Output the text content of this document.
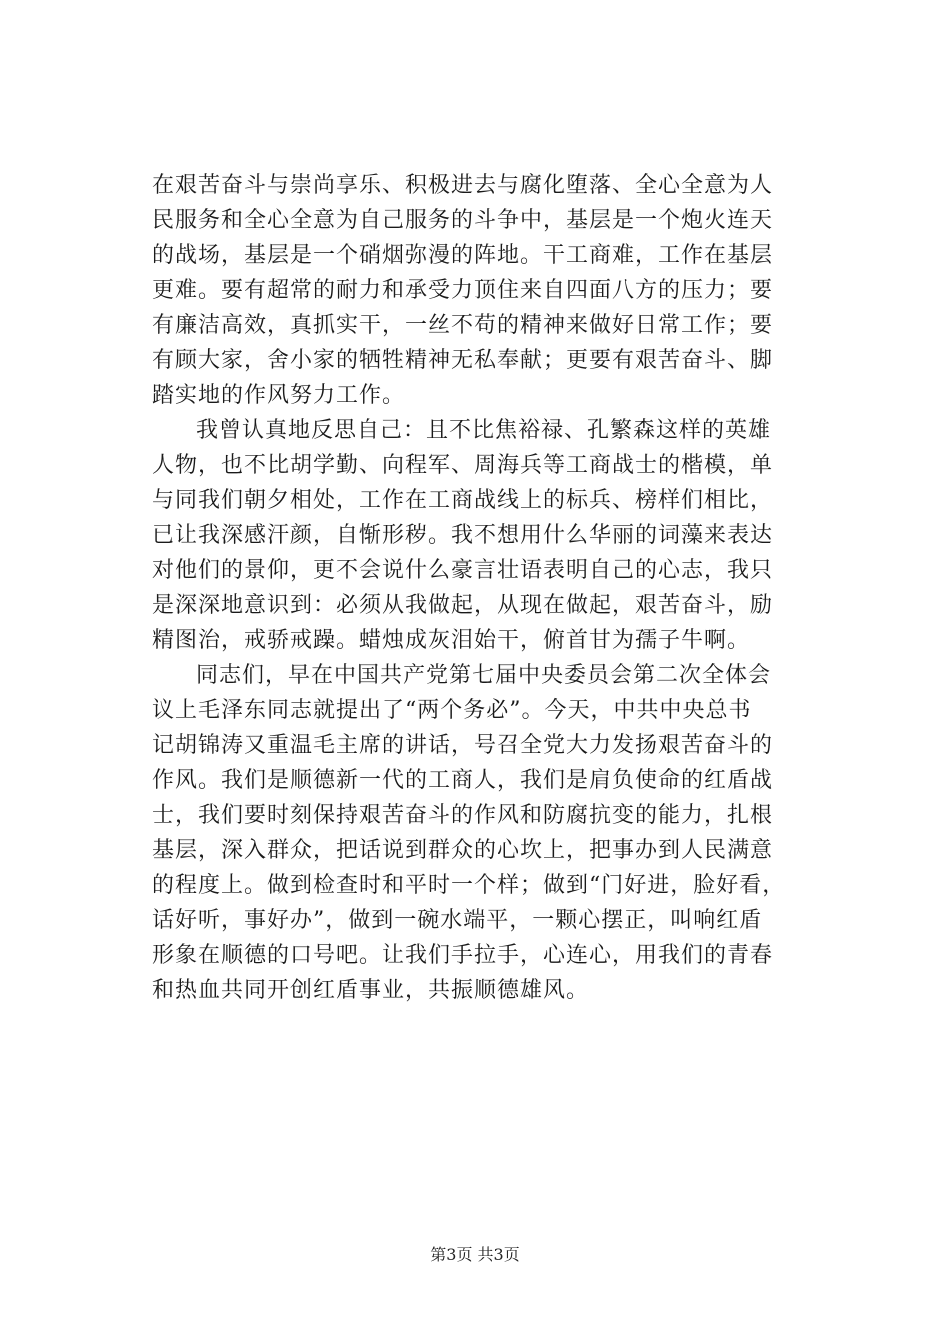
在艰苦奋斗与崇尚享乐、积极进去与腐化堕落、全心全意为人
民服务和全心全意为自己服务的斗争中，基层是一个炮火连天
的战场，基层是一个硝烟弥漫的阵地。干工商难，工作在基层
更难。要有超常的耐力和承受力顶住来自四面八方的压力；要
有廉洁高效，真抓实干，一丝不苟的精神来做好日常工作；要
有顾大家，舍小家的牺牲精神无私奉献；更要有艰苦奋斗、脚
踏实地的作风努力工作。
我曾认真地反思自己：且不比焦裕禄、孔繁森这样的英雄
人物，也不比胡学勤、向程军、周海兵等工商战士的楷模，单
与同我们朝夕相处，工作在工商战线上的标兵、榜样们相比，
已让我深感汗颜，自惭形秽。我不想用什么华丽的词藻来表达
对他们的景仰，更不会说什么豪言壮语表明自己的心志，我只
是深深地意识到：必须从我做起，从现在做起，艰苦奋斗，励
精图治，戒骄戒躁。蜡烛成灰泪始干，俯首甘为孺子牛啊。
同志们，早在中国共产党第七届中央委员会第二次全体会
议上毛泽东同志就提出了“两个务必”。今天，中共中央总书
记胡锦涛又重温毛主席的讲话，号召全党大力发扬艰苦奋斗的
作风。我们是顺德新一代的工商人，我们是肩负使命的红盾战
士，我们要时刻保持艰苦奋斗的作风和防腐抗变的能力，扎根
基层，深入群众，把话说到群众的心坎上，把事办到人民满意
的程度上。做到检查时和平时一个样；做到“门好进，脸好看，
话好听，事好办”，做到一碗水端平，一颗心摆正，叫响红盾
形象在顺德的口号吧。让我们手拉手，心连心，用我们的青春
和热血共同开创红盾事业，共振顺德雄风。
第3页 共3页
